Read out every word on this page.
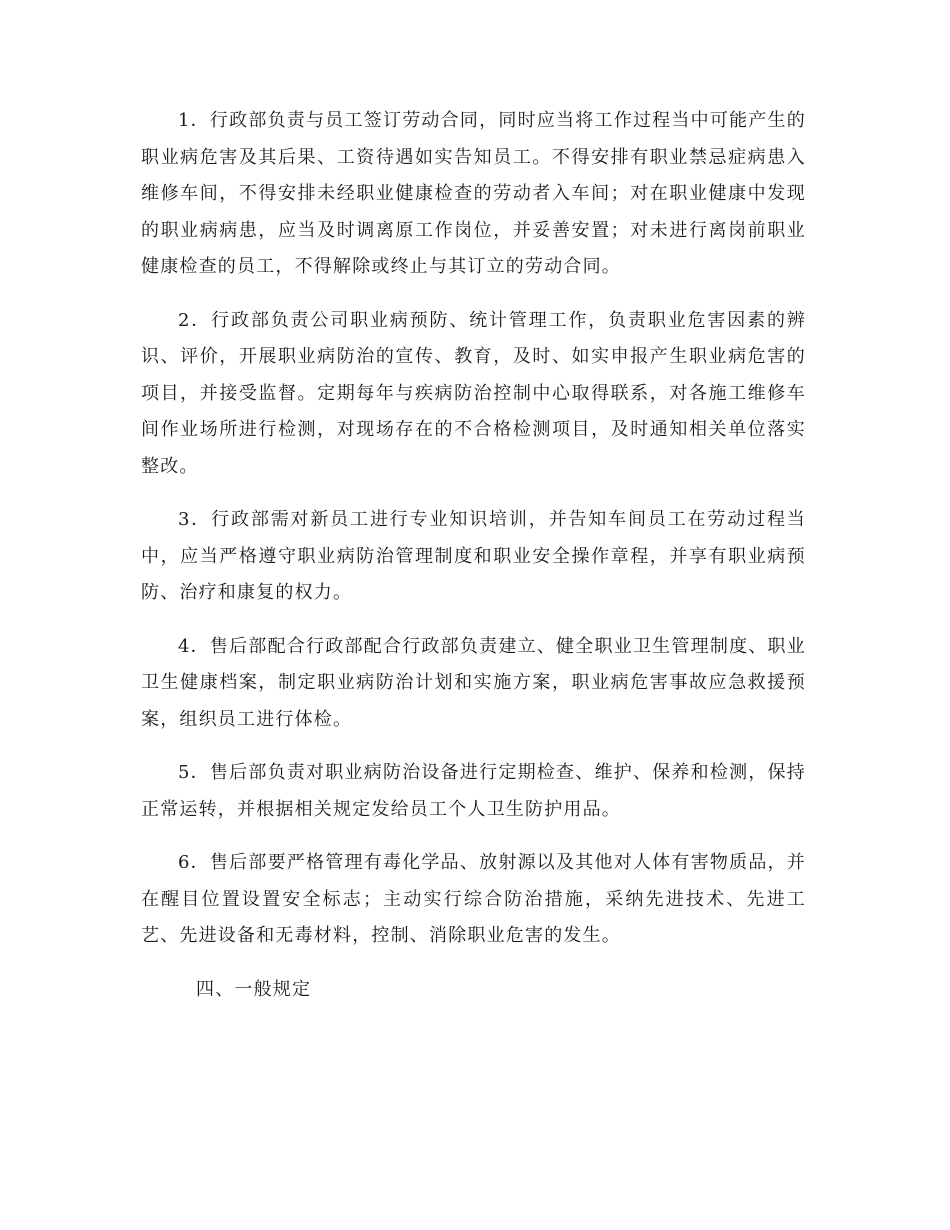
1．行政部负责与员工签订劳动合同，同时应当将工作过程当中可能产生的职业病危害及其后果、工资待遇如实告知员工。不得安排有职业禁忌症病患入维修车间，不得安排未经职业健康检查的劳动者入车间；对在职业健康中发现的职业病病患，应当及时调离原工作岗位，并妥善安置；对未进行离岗前职业健康检查的员工，不得解除或终止与其订立的劳动合同。

2．行政部负责公司职业病预防、统计管理工作，负责职业危害因素的辨识、评价，开展职业病防治的宣传、教育，及时、如实申报产生职业病危害的项目，并接受监督。定期每年与疾病防治控制中心取得联系，对各施工维修车间作业场所进行检测，对现场存在的不合格检测项目，及时通知相关单位落实整改。

3．行政部需对新员工进行专业知识培训，并告知车间员工在劳动过程当中，应当严格遵守职业病防治管理制度和职业安全操作章程，并享有职业病预防、治疗和康复的权力。

4．售后部配合行政部配合行政部负责建立、健全职业卫生管理制度、职业卫生健康档案，制定职业病防治计划和实施方案，职业病危害事故应急救援预案，组织员工进行体检。

5．售后部负责对职业病防治设备进行定期检查、维护、保养和检测，保持正常运转，并根据相关规定发给员工个人卫生防护用品。

6．售后部要严格管理有毒化学品、放射源以及其他对人体有害物质品，并在醒目位置设置安全标志；主动实行综合防治措施，采纳先进技术、先进工艺、先进设备和无毒材料，控制、消除职业危害的发生。

四、一般规定
